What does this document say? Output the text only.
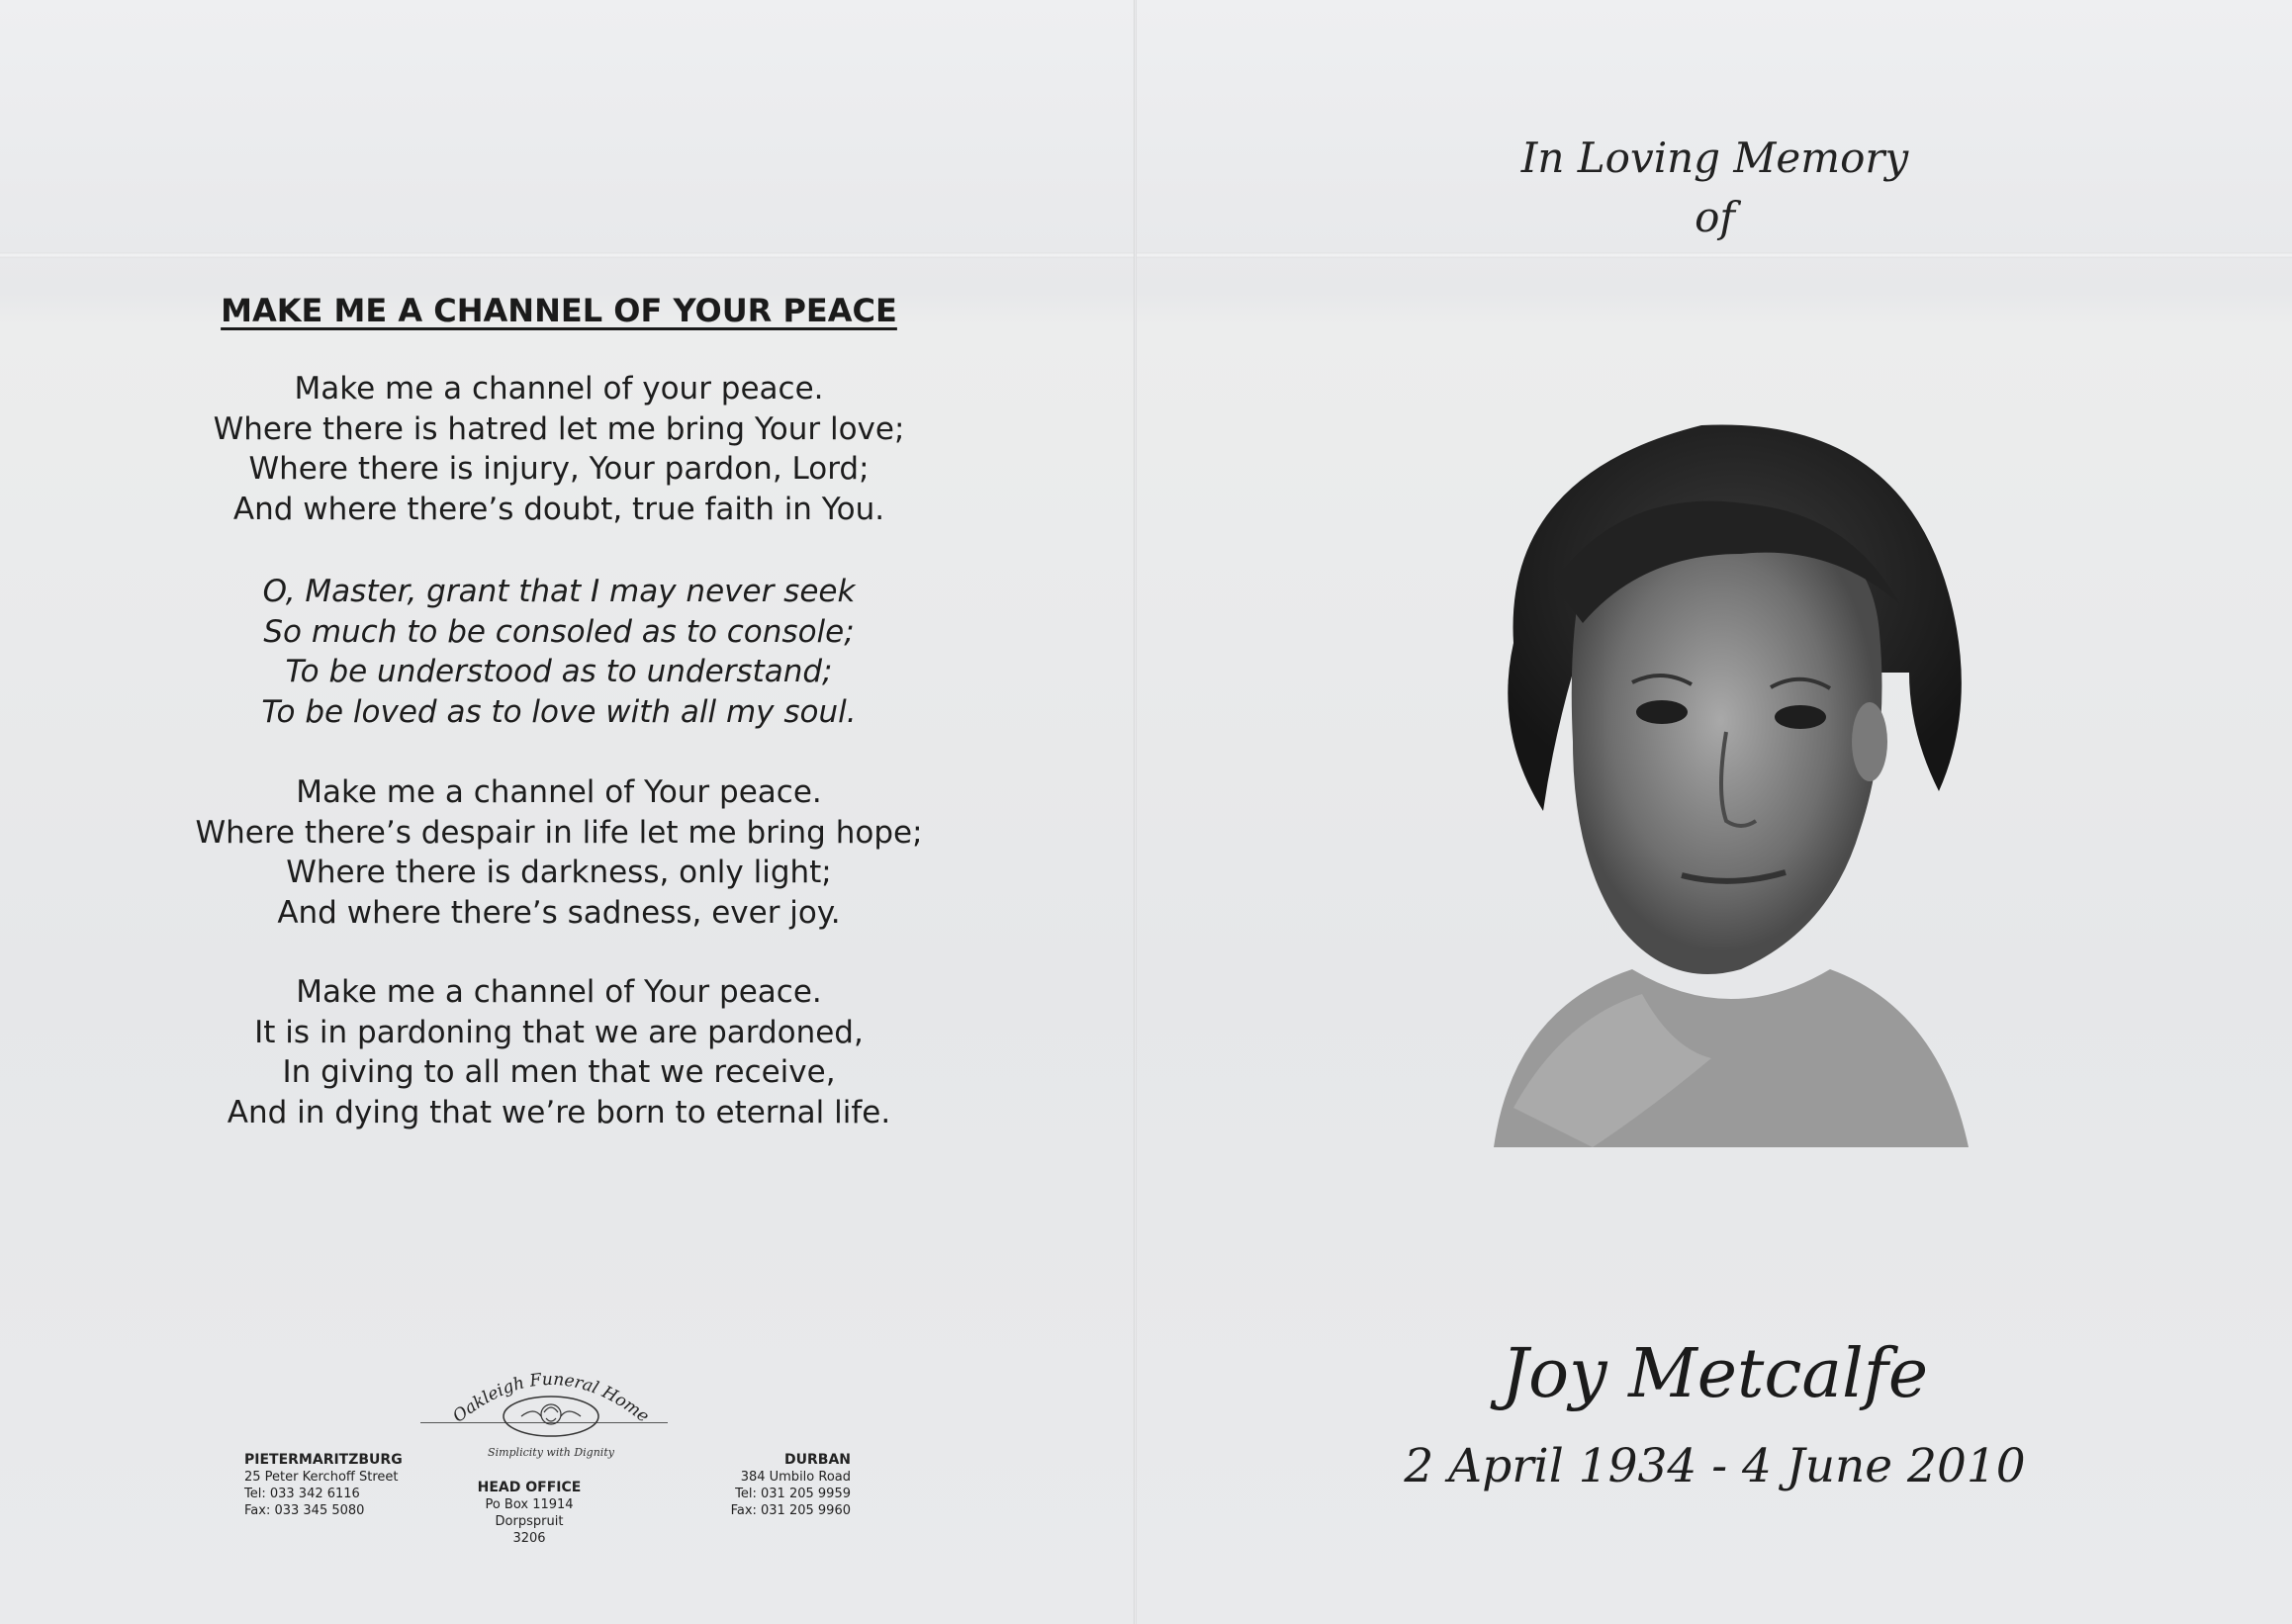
MAKE ME A CHANNEL OF YOUR PEACE
Make me a channel of your peace.
Where there is hatred let me bring Your love;
Where there is injury, Your pardon, Lord;
And where there’s doubt, true faith in You.
O, Master, grant that I may never seek
So much to be consoled as to console;
To be understood as to understand;
To be loved as to love with all my soul.
Make me a channel of Your peace.
Where there’s despair in life let me bring hope;
Where there is darkness, only light;
And where there’s sadness, ever joy.
Make me a channel of Your peace.
It is in pardoning that we are pardoned,
In giving to all men that we receive,
And in dying that we’re born to eternal life.
Oakleigh Funeral Home
Simplicity with Dignity
PIETERMARITZBURG
25 Peter Kerchoff Street
Tel: 033 342 6116
Fax: 033 345 5080
HEAD OFFICE
Po Box 11914
Dorpspruit
3206
DURBAN
384 Umbilo Road
Tel: 031 205 9959
Fax: 031 205 9960
In Loving Memory
of
Joy Metcalfe
2 April 1934 - 4 June 2010
